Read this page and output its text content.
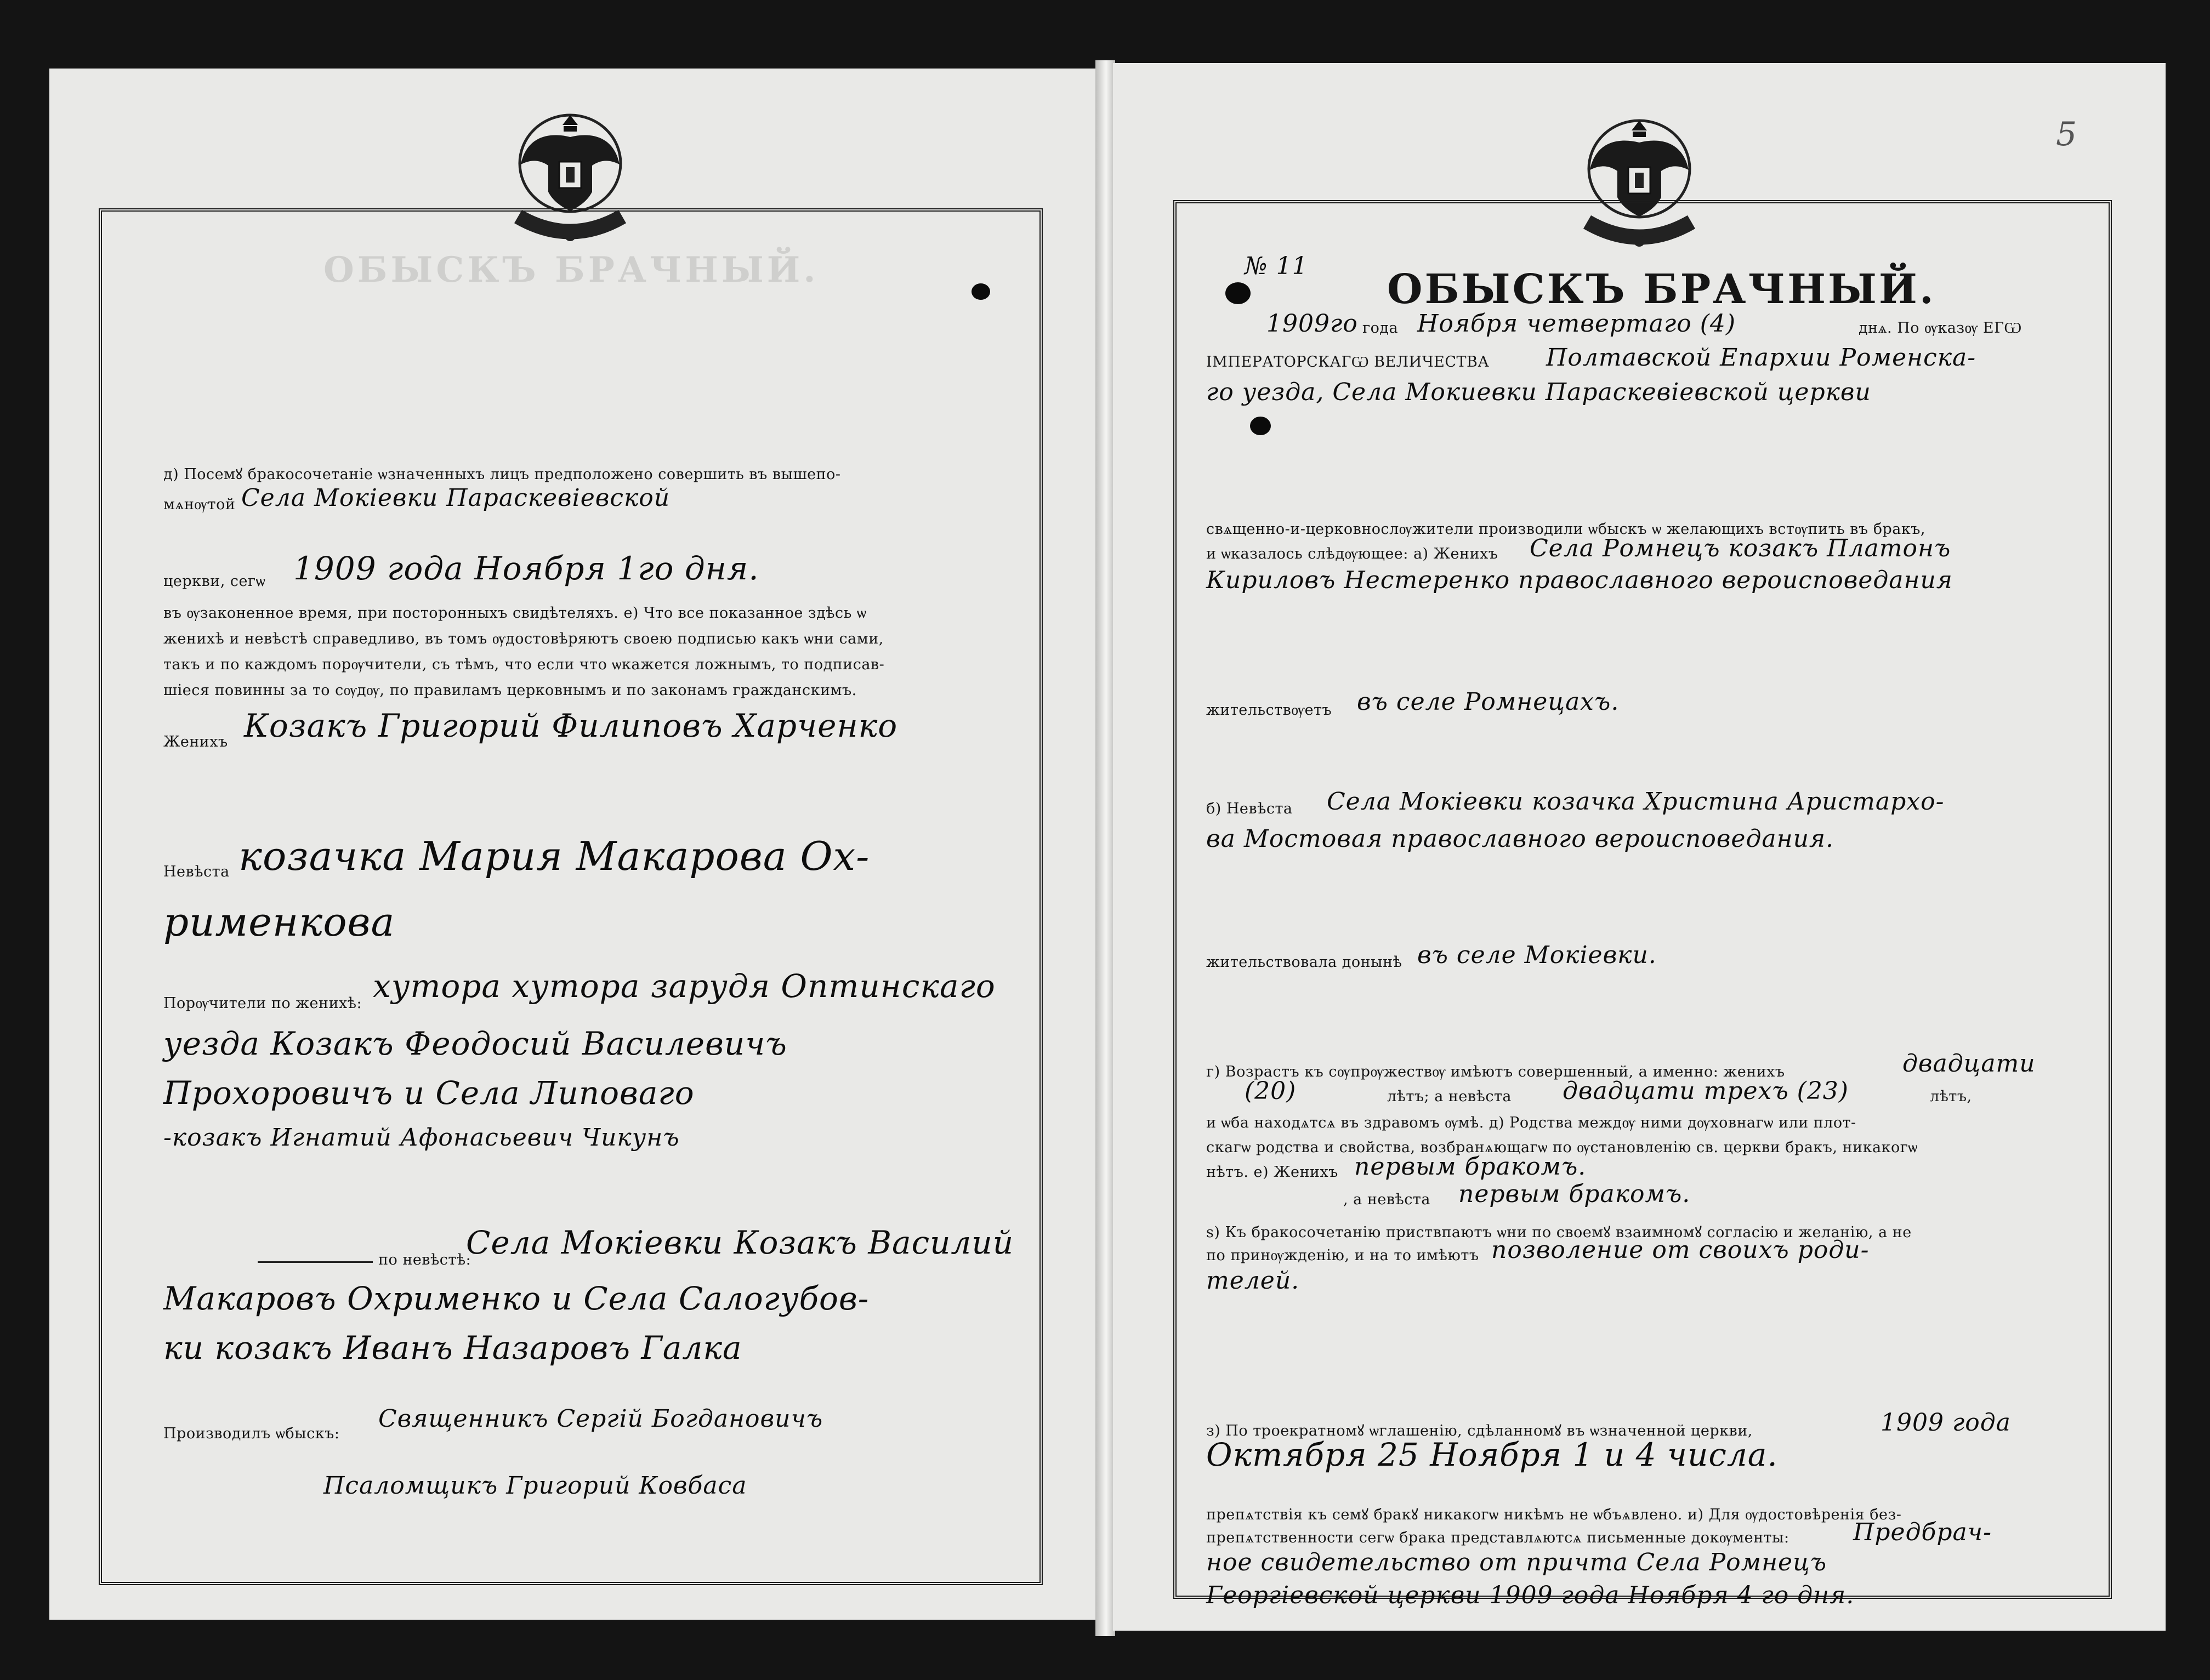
ОБЫСКЪ БРАЧНЫЙ.
д) Посемꙋ бракосочетаніе ѡзначенныхъ лицъ предположено совершить въ вышепо-
мѧнѹтой Села Мокіевки Параскевіевской
церкви, сегѡ 1909 года Ноября 1го дня.
въ ѹзаконенное время, при посторонныхъ свидѣтеляхъ. е) Что все показанное здѣсь ѡ
женихѣ и невѣстѣ справедливо, въ томъ ѹдостовѣряютъ своею подписью какъ ѡни сами,
такъ и по каждомъ порѹчители, съ тѣмъ, что если что ѡкажется ложнымъ, то подписав-
шіеся повинны за то сѹдѹ, по правиламъ церковнымъ и по законамъ гражданскимъ.
Женихъ Козакъ Григорий Филиповъ Харченко
Невѣста козачка Мария Макарова Ох-
рименкова
Порѹчители по женихѣ: хутора хутора зарудя Оптинскаго
уезда Козакъ Феодосий Василевичъ
Прохоровичъ и Села Липоваго
-козакъ Игнатий Афонасьевич Чикунъ
по невѣстѣ:
Села Мокіевки Козакъ Василий
Макаровъ Охрименко и Села Салогубов-
ки козакъ Иванъ Назаровъ Галка
Производилъ ѡбыскъ:
Священникъ Сергій Богдановичъ
Псаломщикъ Григорий Ковбаса
5
№ 11 ОБЫСКЪ БРАЧНЫЙ.
1909го года Ноября четвертаго (4)	днѧ. По ѹказѹ ЕГѠ
ІМПЕРАТОРСКАГѠ ВЕЛИЧЕСТВА Полтавской Епархии Роменска-
го уезда, Села Мокиевки Параскевіевской церкви
свѧщенно-и-церковнослѹжители производили ѡбыскъ ѡ желающихъ встѹпить въ бракъ,
и ѡказалось слѣдѹющее: а) Женихъ Села Ромнецъ козакъ Платонъ
Кириловъ Нестеренко православного вероисповедания
жительствѹетъ въ селе Ромнецахъ.
б) Невѣста Села Мокіевки козачка Христина Аристархо-
ва Мостовая православного вероисповедания.
жительствовала донынѣ въ селе Мокіевки.
г) Возрастъ къ сѹпрѹжествѹ имѣютъ совершенный, а именно: женихъ	двадцати
(20)	лѣтъ; а невѣста двадцати трехъ (23)	лѣтъ,
и ѡба находѧтсѧ въ здравомъ ѹмѣ. д) Родства междѹ ними дѹховнагѡ или плот-
скагѡ родства и свойства, возбранѧющагѡ по ѹстановленію св. церкви бракъ, никакогѡ
нѣтъ. е) Женихъ первым бракомъ.
, а невѣста первым бракомъ.
ѕ) Къ бракосочетанію приствпаютъ ѡни по своемꙋ взаимномꙋ согласію и желанію, а не
по принѹжденію, и на то имѣютъ позволение от своихъ роди-
телей.
з) По троекратномꙋ ѡглашенію, сдѣланномꙋ въ ѡзначенной церкви,	1909 года
Октября 25 Ноября 1 и 4 числа.
препѧтствія къ семꙋ бракꙋ никакогѡ никѣмъ не ѡбъѧвлено. и) Для ѹдостовѣренія без-
препѧтственности сегѡ брака представлѧютсѧ письменные докѹменты:	Предбрач-
ное свидетельство от причта Села Ромнецъ
Георгіевской церкви 1909 года Ноября 4 го дня.
